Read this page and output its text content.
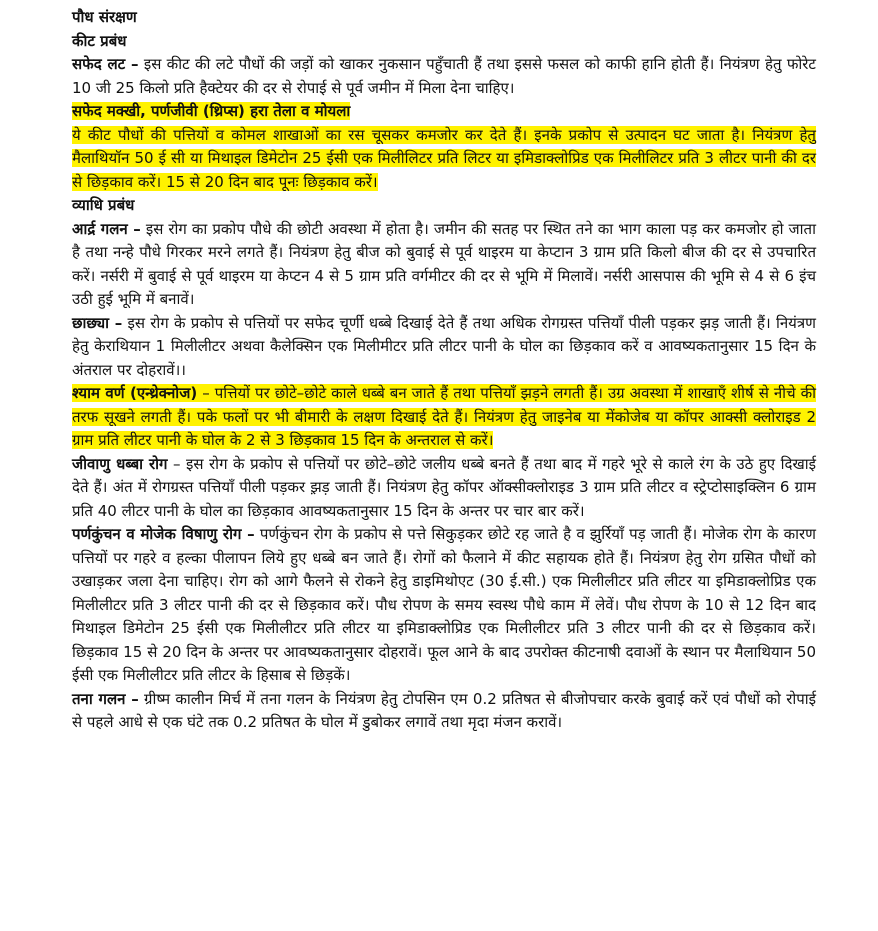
पौध संरक्षण
कीट प्रबंध

सफेद लट – इस कीट की लटे पौधों की जड़ों को खाकर नुकसान पहुँचाती हैं तथा इससे फसल को काफी हानि होती हैं। नियंत्रण हेतु फोरेट 10 जी 25 किलो प्रति हैक्टेयर की दर से रोपाई से पूर्व जमीन में मिला देना चाहिए।

सफेद मक्खी, पर्णजीवी (थ्रिप्स) हरा तेला व मोयला
ये कीट पौधों की पत्तियों व कोमल शाखाओं का रस चूसकर कमजोर कर देते हैं। इनके प्रकोप से उत्पादन घट जाता है। नियंत्रण हेतु मैलाथियॉन 50 ई सी या मिथाइल डिमेटोन 25 ईसी एक मिलीलिटर प्रति लिटर या इमिडाक्लोप्रिड एक मिलीलिटर प्रति 3 लीटर पानी की दर से छिड़काव करें। 15 से 20 दिन बाद पूनः छिड़काव करें।

व्याधि प्रबंध

आर्द्र गलन – इस रोग का प्रकोप पौधे की छोटी अवस्था में होता है। जमीन की सतह पर स्थित तने का भाग काला पड़ कर कमजोर हो जाता है तथा नन्हे पौधे गिरकर मरने लगते हैं। नियंत्रण हेतु बीज को बुवाई से पूर्व थाइरम या केप्टान 3 ग्राम प्रति किलो बीज की दर से उपचारित करें। नर्सरी में बुवाई से पूर्व थाइरम या केप्टन 4 से 5 ग्राम प्रति वर्गमीटर की दर से भूमि में मिलावें। नर्सरी आसपास की भूमि से 4 से 6 इंच उठी हुई भूमि में बनावें।

छाछ्या – इस रोग के प्रकोप से पत्तियों पर सफेद चूर्णी धब्बे दिखाई देते हैं तथा अधिक रोगग्रस्त पत्तियाँ पीली पड़कर झड़ जाती हैं। नियंत्रण हेतु केराथियान 1 मिलीलीटर अथवा कैलेक्सिन एक मिलीमीटर प्रति लीटर पानी के घोल का छिड़काव करें व आवष्यकतानुसार 15 दिन के अंतराल पर दोहरावें।।

श्याम वर्ण (एन्थ्रेक्नोज) – पत्तियों पर छोटे–छोटे काले धब्बे बन जाते हैं तथा पत्तियाँ झड़ने लगती हैं। उग्र अवस्था में शाखाएँ शीर्ष से नीचे की तरफ सूखने लगती हैं। पके फलों पर भी बीमारी के लक्षण दिखाई देते हैं। नियंत्रण हेतु जाइनेब या मेंकोजेब या कॉपर आक्सी क्लोराइड 2 ग्राम प्रति लीटर पानी के घोल के 2 से 3 छिड़काव 15 दिन के अन्तराल से करें।

जीवाणु धब्बा रोग – इस रोग के प्रकोप से पत्तियों पर छोटे–छोटे जलीय धब्बे बनते हैं तथा बाद में गहरे भूरे से काले रंग के उठे हुए दिखाई देते हैं। अंत में रोगग्रस्त पत्तियाँ पीली पड़कर झ़ड़ जाती हैं। नियंत्रण हेतु कॉपर ऑक्सीक्लोराइड 3 ग्राम प्रति लीटर व स्ट्रेप्टोसाइक्लिन 6 ग्राम प्रति 40 लीटर पानी के घोल का छिड़काव आवष्यकतानुसार 15 दिन के अन्तर पर चार बार करें।

पर्णकुंचन व मोजेक विषाणु रोग – पर्णकुंचन रोग के प्रकोप से पत्ते सिकुड़कर छोटे रह जाते है व झुर्रियाँ पड़ जाती हैं। मोजेक रोग के कारण पत्तियों पर गहरे व हल्का पीलापन लिये हुए धब्बे बन जाते हैं। रोगों को फैलाने में कीट सहायक होते हैं। नियंत्रण हेतु रोग ग्रसित पौधों को उखाड़कर जला देना चाहिए। रोग को आगे फैलने से रोकने हेतु डाइमिथोएट (30 ई.सी.) एक मिलीलीटर प्रति लीटर या इमिडाक्लोप्रिड एक मिलीलीटर प्रति 3 लीटर पानी की दर से छिड़काव करें। पौध रोपण के समय स्वस्थ पौधे काम में लेवें। पौध रोपण के 10 से 12 दिन बाद मिथाइल डिमेटोन 25 ईसी एक मिलीलीटर प्रति लीटर या इमिडाक्लोप्रिड एक मिलीलीटर प्रति 3 लीटर पानी की दर से छिड़काव करें। छिड़काव 15 से 20 दिन के अन्तर पर आवष्यकतानुसार दोहरावें। फूल आने के बाद उपरोक्त कीटनाषी दवाओं के स्थान पर मैलाथियान 50 ईसी एक मिलीलीटर प्रति लीटर के हिसाब से छिड़कें।

तना गलन – ग्रीष्म कालीन मिर्च में तना गलन के नियंत्रण हेतु टोपसिन एम 0.2 प्रतिषत से बीजोपचार करके बुवाई करें एवं पौधों को रोपाई से पहले आधे से एक घंटे तक 0.2 प्रतिषत के घोल में डुबोकर लगावें तथा मृदा मंजन करावें।
